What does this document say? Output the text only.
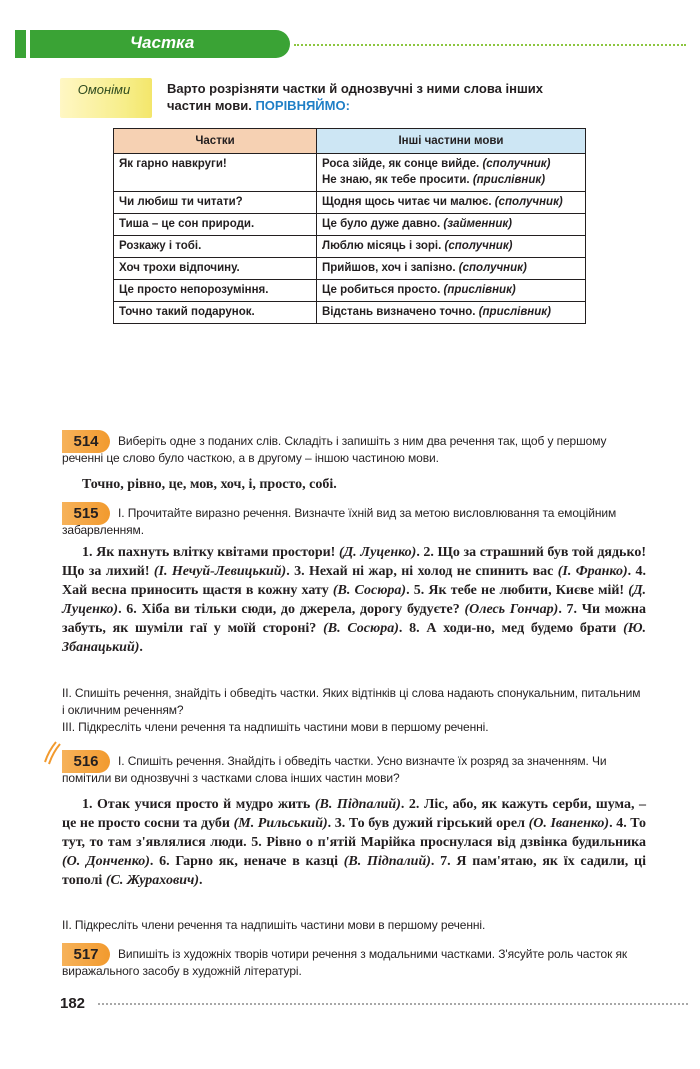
Частка
Омоніми	Варто розрізняти частки й однозвучні з ними слова інших частин мови. ПОРІВНЯЙМО:
Частки	Інші частини мови
Як гарно навкруги!	Роса зійде, як сонце вийде. (сполучник)
Не знаю, як тебе просити. (прислівник)
Чи любиш ти читати?	Щодня щось читає чи малює. (сполучник)
Тиша – це сон природи.	Це було дуже давно. (займенник)
Розкажу і тобі.	Люблю місяць і зорі. (сполучник)
Хоч трохи відпочину.	Прийшов, хоч і запізно. (сполучник)
Це просто непорозуміння.	Це робиться просто. (прислівник)
Точно такий подарунок.	Відстань визначено точно. (прислівник)
514	Виберіть одне з поданих слів. Складіть і запишіть з ним два речення так, щоб у першому реченні це слово було часткою, а в другому – іншою частиною мови.
Точно, рівно, це, мов, хоч, і, просто, собі.
515	I. Прочитайте виразно речення. Визначте їхній вид за метою висловлювання та емоційним забарвленням.
1. Як пахнуть влітку квітами простори! (Д. Луценко). 2. Що за страшний був той дядько! Що за лихий! (І. Нечуй-Левицький). 3. Нехай ні жар, ні холод не спинить вас (І. Франко). 4. Хай весна приносить щастя в кожну хату (В. Сосюра). 5. Як тебе не любити, Києве мій! (Д. Луценко). 6. Хіба ви тільки сюди, до джерела, дорогу будуєте? (Олесь Гончар). 7. Чи можна забуть, як шуміли гаї у моїй стороні? (В. Сосюра). 8. А ходи-но, мед будемо брати (Ю. Збанацький).
II. Спишіть речення, знайдіть і обведіть частки. Яких відтінків ці слова надають спонукальним, питальним і окличним реченням?
III. Підкресліть члени речення та надпишіть частини мови в першому реченні.
516	I. Спишіть речення. Знайдіть і обведіть частки. Усно визначте їх розряд за значенням. Чи помітили ви однозвучні з частками слова інших частин мови?
1. Отак учися просто й мудро жить (В. Підпалий). 2. Ліс, або, як кажуть серби, шума, – це не просто сосни та дуби (М. Рильський). 3. То був дужий гірський орел (О. Іваненко). 4. То тут, то там з'являлися люди. 5. Рівно о п'ятій Марійка проснулася від дзвінка будильника (О. Донченко). 6. Гарно як, неначе в казці (В. Підпалий). 7. Я пам'ятаю, як їх садили, ці тополі (С. Журахович).
II. Підкресліть члени речення та надпишіть частини мови в першому реченні.
517	Випишіть із художніх творів чотири речення з модальними частками. З'ясуйте роль часток як виражального засобу в художній літературі.
182
